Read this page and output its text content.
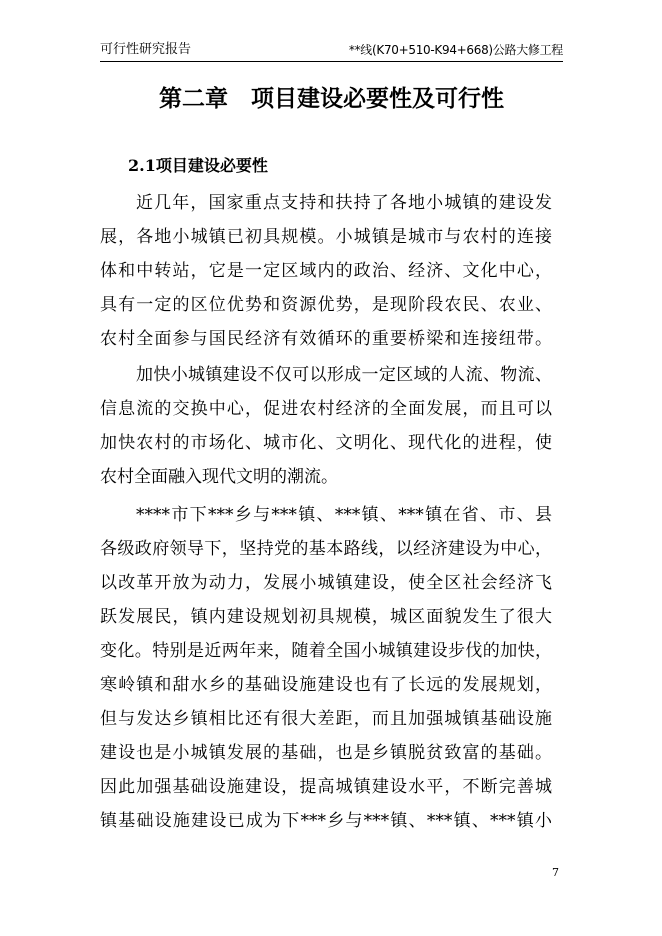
可行性研究报告	**线(K70+510-K94+668)公路大修工程
第二章　项目建设必要性及可行性
2.1项目建设必要性
近几年，国家重点支持和扶持了各地小城镇的建设发
展，各地小城镇已初具规模。小城镇是城市与农村的连接
体和中转站，它是一定区域内的政治、经济、文化中心，
具有一定的区位优势和资源优势，是现阶段农民、农业、
农村全面参与国民经济有效循环的重要桥梁和连接纽带。
加快小城镇建设不仅可以形成一定区域的人流、物流、
信息流的交换中心，促进农村经济的全面发展，而且可以
加快农村的市场化、城市化、文明化、现代化的进程，使
农村全面融入现代文明的潮流。
****市下***乡与***镇、***镇、***镇在省、市、县
各级政府领导下，坚持党的基本路线，以经济建设为中心，
以改革开放为动力，发展小城镇建设，使全区社会经济飞
跃发展民，镇内建设规划初具规模，城区面貌发生了很大
变化。特别是近两年来，随着全国小城镇建设步伐的加快，
寒岭镇和甜水乡的基础设施建设也有了长远的发展规划，
但与发达乡镇相比还有很大差距，而且加强城镇基础设施
建设也是小城镇发展的基础，也是乡镇脱贫致富的基础。
因此加强基础设施建设，提高城镇建设水平，不断完善城
镇基础设施建设已成为下***乡与***镇、***镇、***镇小
7
